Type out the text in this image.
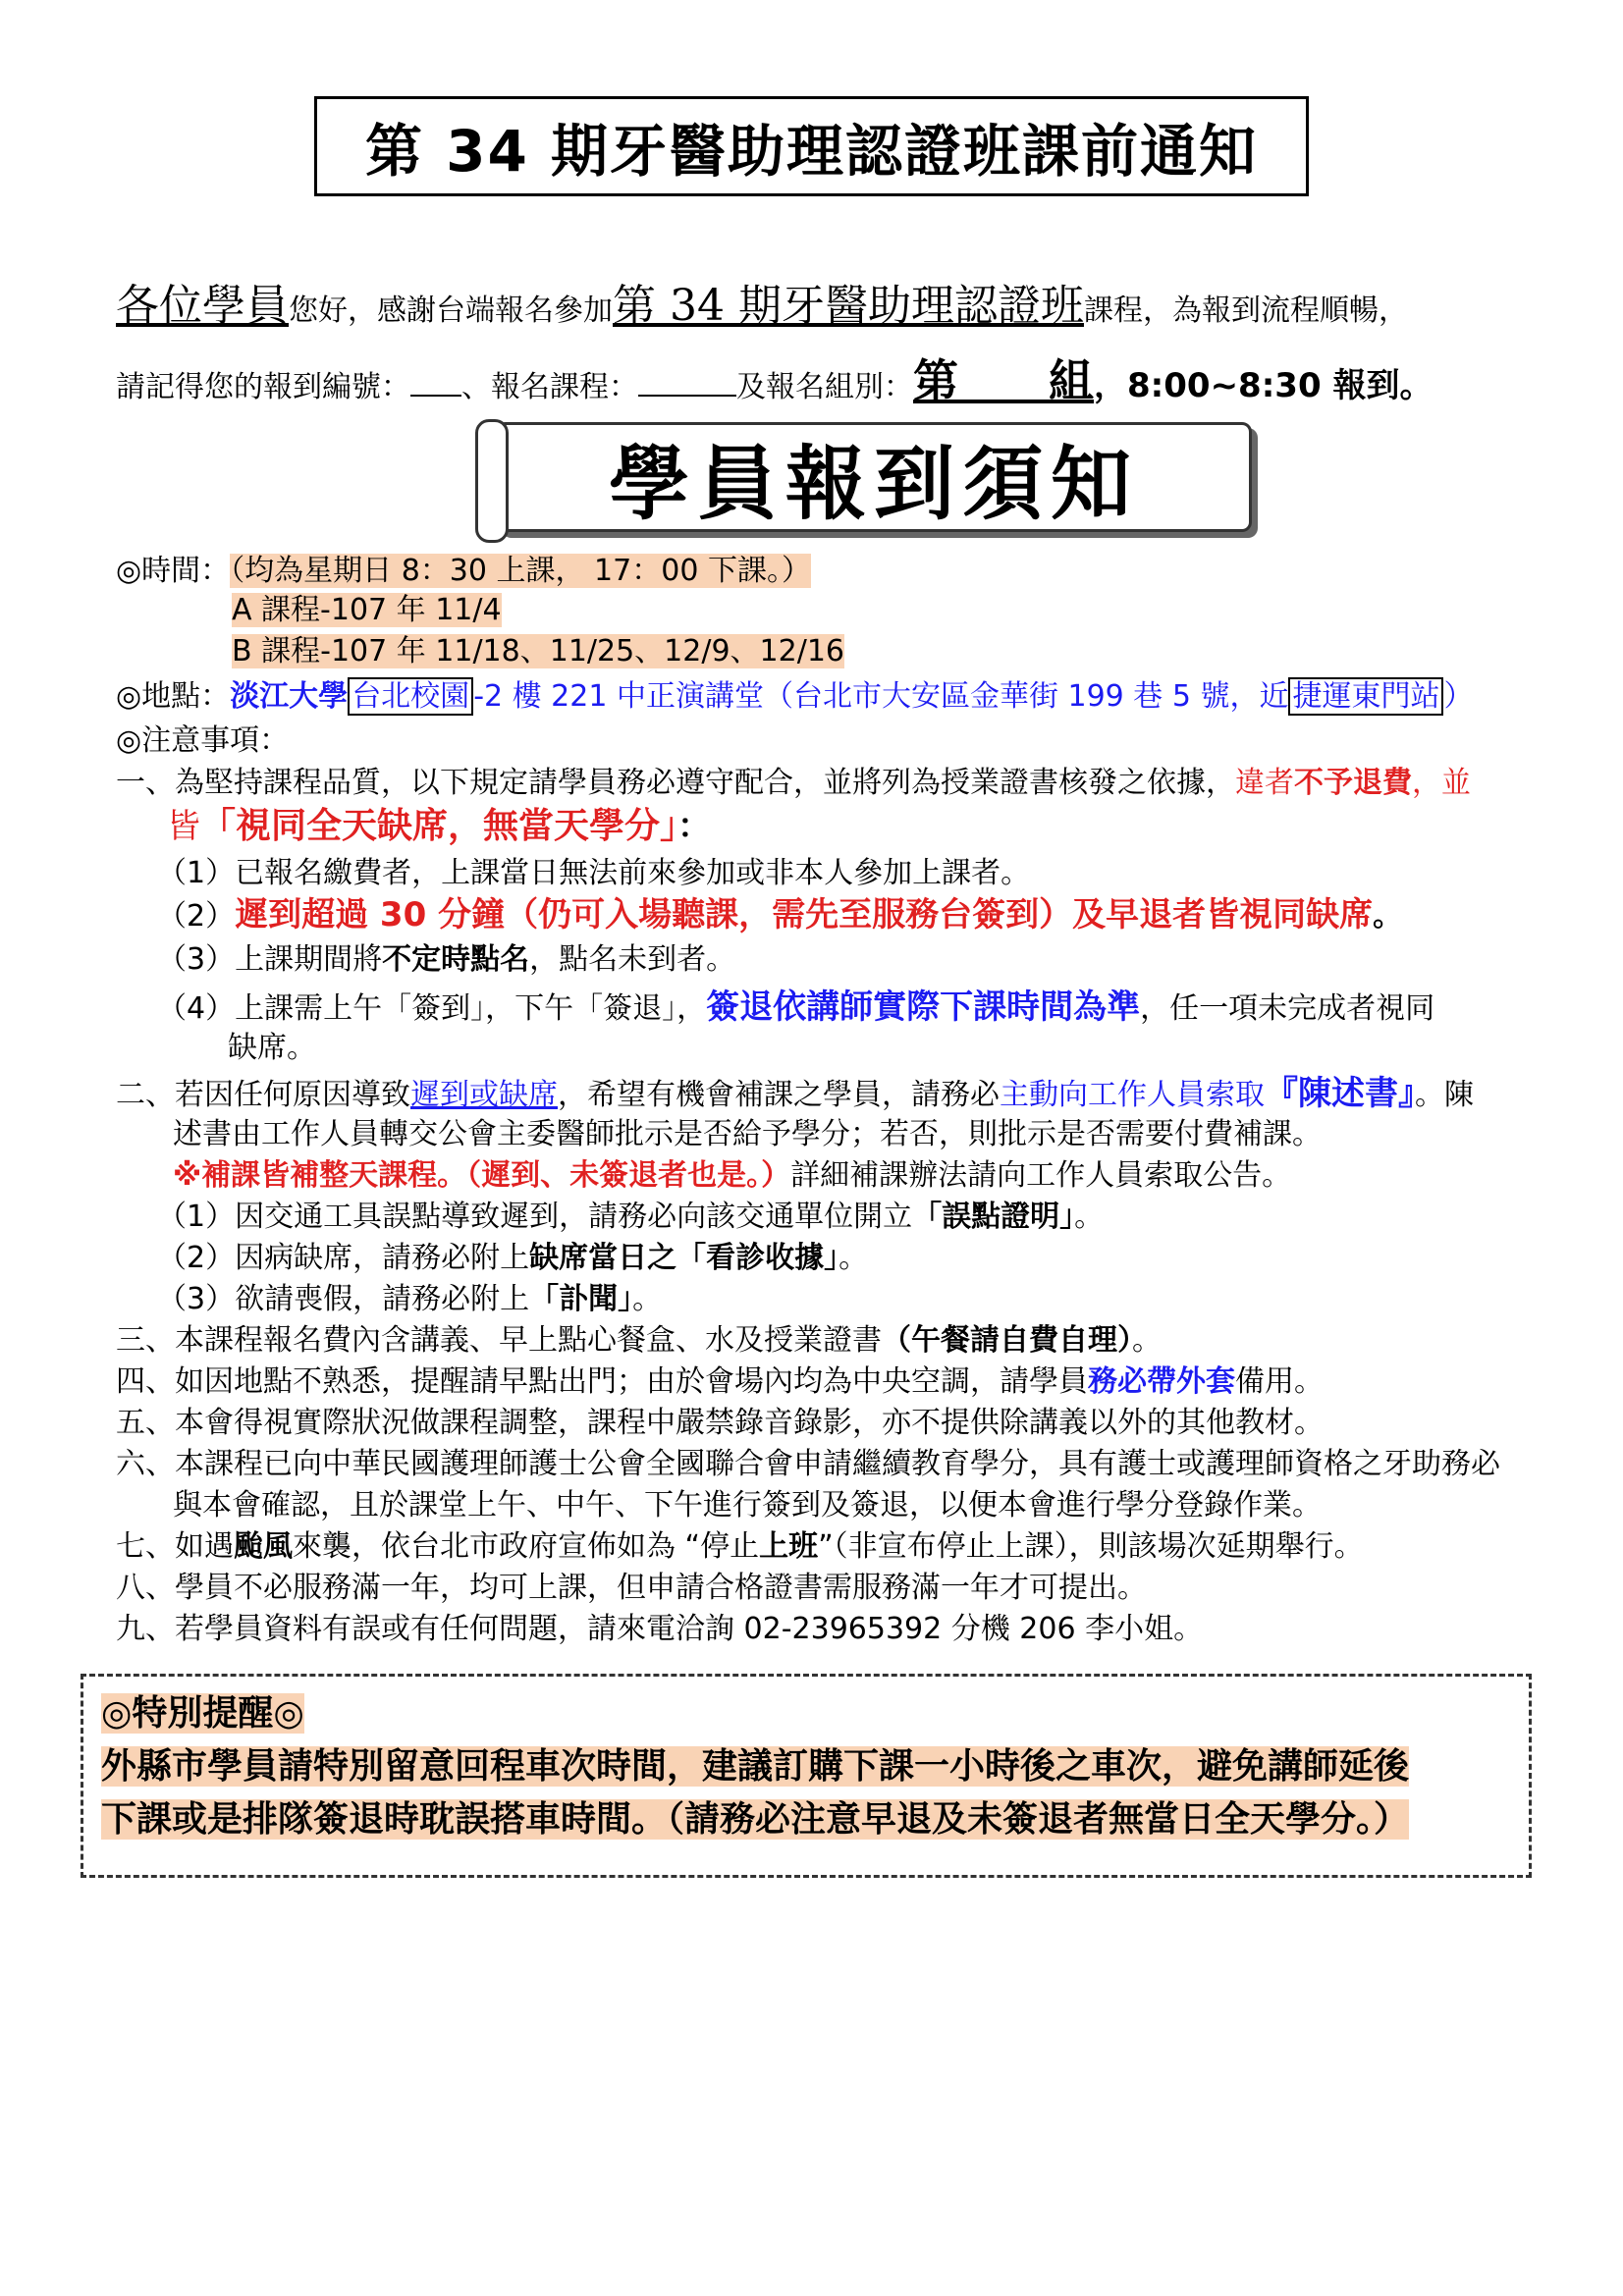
第 34 期牙醫助理認證班課前通知
各位學員您好，感謝台端報名參加第 34 期牙醫助理認證班課程，為報到流程順暢，
請記得您的報到編號： 、報名課程：	及報名組別：第　　組，8:00~8:30 報到。
學員報到須知
◎時間：（均為星期日 8：30 上課， 17：00 下課。）
A 課程-107 年 11/4
B 課程-107 年 11/18、11/25、12/9、12/16
◎地點：淡江大學 台北校園 -2 樓 221 中正演講堂（台北市大安區金華街 199 巷 5 號，近 捷運東門站 ）
◎注意事項：
一、為堅持課程品質，以下規定請學員務必遵守配合，並將列為授業證書核發之依據，違者不予退費，並
皆「視同全天缺席，無當天學分」：
（1）已報名繳費者，上課當日無法前來參加或非本人參加上課者。
（2）遲到超過 30 分鐘（仍可入場聽課，需先至服務台簽到）及早退者皆視同缺席。
（3）上課期間將不定時點名，點名未到者。
（4）上課需上午「簽到」，下午「簽退」，簽退依講師實際下課時間為準，任一項未完成者視同
缺席。
二、若因任何原因導致遲到或缺席，希望有機會補課之學員，請務必主動向工作人員索取『陳述書』。陳
述書由工作人員轉交公會主委醫師批示是否給予學分；若否，則批示是否需要付費補課。
※補課皆補整天課程。（遲到、未簽退者也是。）詳細補課辦法請向工作人員索取公告。
（1）因交通工具誤點導致遲到，請務必向該交通單位開立「誤點證明」。
（2）因病缺席，請務必附上缺席當日之「看診收據」。
（3）欲請喪假，請務必附上「訃聞」。
三、本課程報名費內含講義、早上點心餐盒、水及授業證書（午餐請自費自理）。
四、如因地點不熟悉，提醒請早點出門；由於會場內均為中央空調，請學員務必帶外套備用。
五、本會得視實際狀況做課程調整，課程中嚴禁錄音錄影，亦不提供除講義以外的其他教材。
六、本課程已向中華民國護理師護士公會全國聯合會申請繼續教育學分，具有護士或護理師資格之牙助務必
與本會確認，且於課堂上午、中午、下午進行簽到及簽退，以便本會進行學分登錄作業。
七、如遇颱風來襲，依台北市政府宣佈如為 “停止上班”（非宣布停止上課），則該場次延期舉行。
八、學員不必服務滿一年，均可上課，但申請合格證書需服務滿一年才可提出。
九、若學員資料有誤或有任何問題，請來電洽詢 02-23965392 分機 206 李小姐。
◎特別提醒◎
外縣市學員請特別留意回程車次時間，建議訂購下課一小時後之車次，避免講師延後
下課或是排隊簽退時耽誤搭車時間。（請務必注意早退及未簽退者無當日全天學分。）
